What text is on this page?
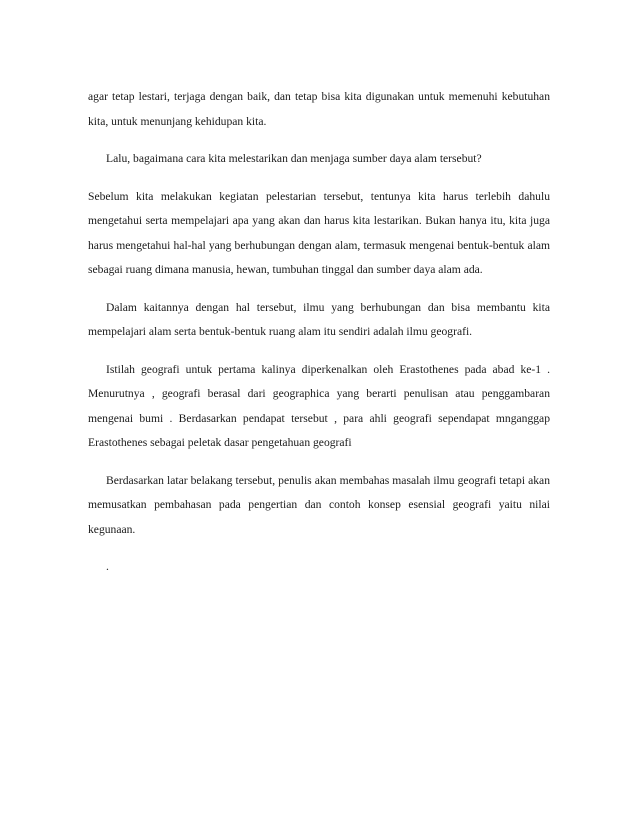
agar tetap lestari, terjaga dengan baik, dan tetap bisa kita digunakan untuk memenuhi kebutuhan kita, untuk menunjang kehidupan kita.

Lalu, bagaimana cara kita melestarikan dan menjaga sumber daya alam tersebut?

Sebelum kita melakukan kegiatan pelestarian tersebut, tentunya kita harus terlebih dahulu mengetahui serta mempelajari apa yang akan dan harus kita lestarikan. Bukan hanya itu, kita juga harus mengetahui hal-hal yang berhubungan dengan alam, termasuk mengenai bentuk-bentuk alam sebagai ruang dimana manusia, hewan, tumbuhan tinggal dan sumber daya alam ada.

Dalam kaitannya dengan hal tersebut, ilmu yang berhubungan dan bisa membantu kita mempelajari alam serta bentuk-bentuk ruang alam itu sendiri adalah ilmu geografi.

Istilah geografi untuk pertama kalinya diperkenalkan oleh Erastothenes pada abad ke-1 . Menurutnya , geografi berasal dari geographica yang berarti penulisan atau penggambaran mengenai bumi . Berdasarkan pendapat tersebut , para ahli geografi sependapat mnganggap Erastothenes sebagai peletak dasar pengetahuan geografi

Berdasarkan latar belakang tersebut, penulis akan membahas masalah ilmu geografi tetapi akan memusatkan pembahasan pada pengertian dan contoh konsep esensial geografi yaitu nilai kegunaan.

.
